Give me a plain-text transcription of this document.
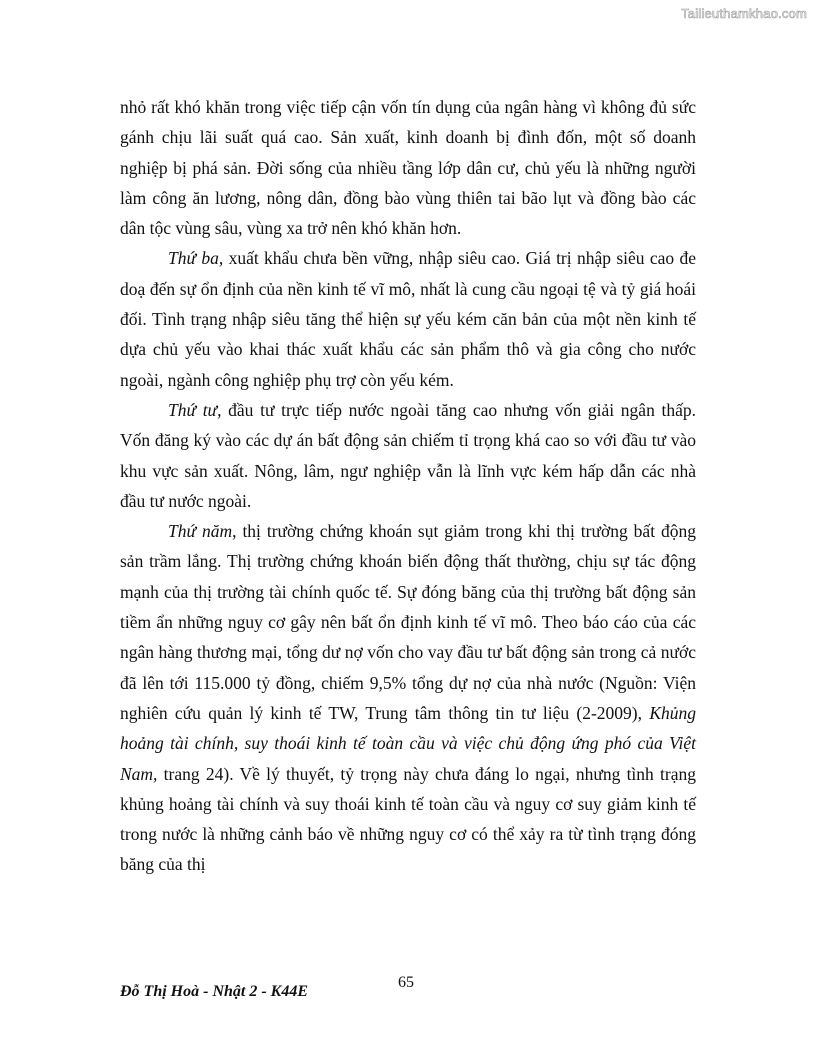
Tailieuthamkhao.com

nhỏ rất khó khăn trong việc tiếp cận vốn tín dụng của ngân hàng vì không đủ sức gánh chịu lãi suất quá cao. Sản xuất, kinh doanh bị đình đốn, một số doanh nghiệp bị phá sản. Đời sống của nhiều tầng lớp dân cư, chủ yếu là những người làm công ăn lương, nông dân, đồng bào vùng thiên tai bão lụt và đồng bào các dân tộc vùng sâu, vùng xa trở nên khó khăn hơn.

Thứ ba, xuất khẩu chưa bền vững, nhập siêu cao. Giá trị nhập siêu cao đe doạ đến sự ổn định của nền kinh tế vĩ mô, nhất là cung cầu ngoại tệ và tỷ giá hoái đối. Tình trạng nhập siêu tăng thể hiện sự yếu kém căn bản của một nền kinh tế dựa chủ yếu vào khai thác xuất khẩu các sản phẩm thô và gia công cho nước ngoài, ngành công nghiệp phụ trợ còn yếu kém.

Thứ tư, đầu tư trực tiếp nước ngoài tăng cao nhưng vốn giải ngân thấp. Vốn đăng ký vào các dự án bất động sản chiếm tỉ trọng khá cao so với đầu tư vào khu vực sản xuất. Nông, lâm, ngư nghiệp vẫn là lĩnh vực kém hấp dẫn các nhà đầu tư nước ngoài.

Thứ năm, thị trường chứng khoán sụt giảm trong khi thị trường bất động sản trầm lắng. Thị trường chứng khoán biến động thất thường, chịu sự tác động mạnh của thị trường tài chính quốc tế. Sự đóng băng của thị trường bất động sản tiềm ẩn những nguy cơ gây nên bất ổn định kinh tế vĩ mô. Theo báo cáo của các ngân hàng thương mại, tổng dư nợ vốn cho vay đầu tư bất động sản trong cả nước đã lên tới 115.000 tỷ đồng, chiếm 9,5% tổng dự nợ của nhà nước (Nguồn: Viện nghiên cứu quản lý kinh tế TW, Trung tâm thông tin tư liệu (2-2009), Khủng hoảng tài chính, suy thoái kinh tế toàn cầu và việc chủ động ứng phó của Việt Nam, trang 24). Về lý thuyết, tỷ trọng này chưa đáng lo ngại, nhưng tình trạng khủng hoảng tài chính và suy thoái kinh tế toàn cầu và nguy cơ suy giảm kinh tế trong nước là những cảnh báo về những nguy cơ có thể xảy ra từ tình trạng đóng băng của thị

65
Đỗ Thị Hoà - Nhật 2 - K44E
